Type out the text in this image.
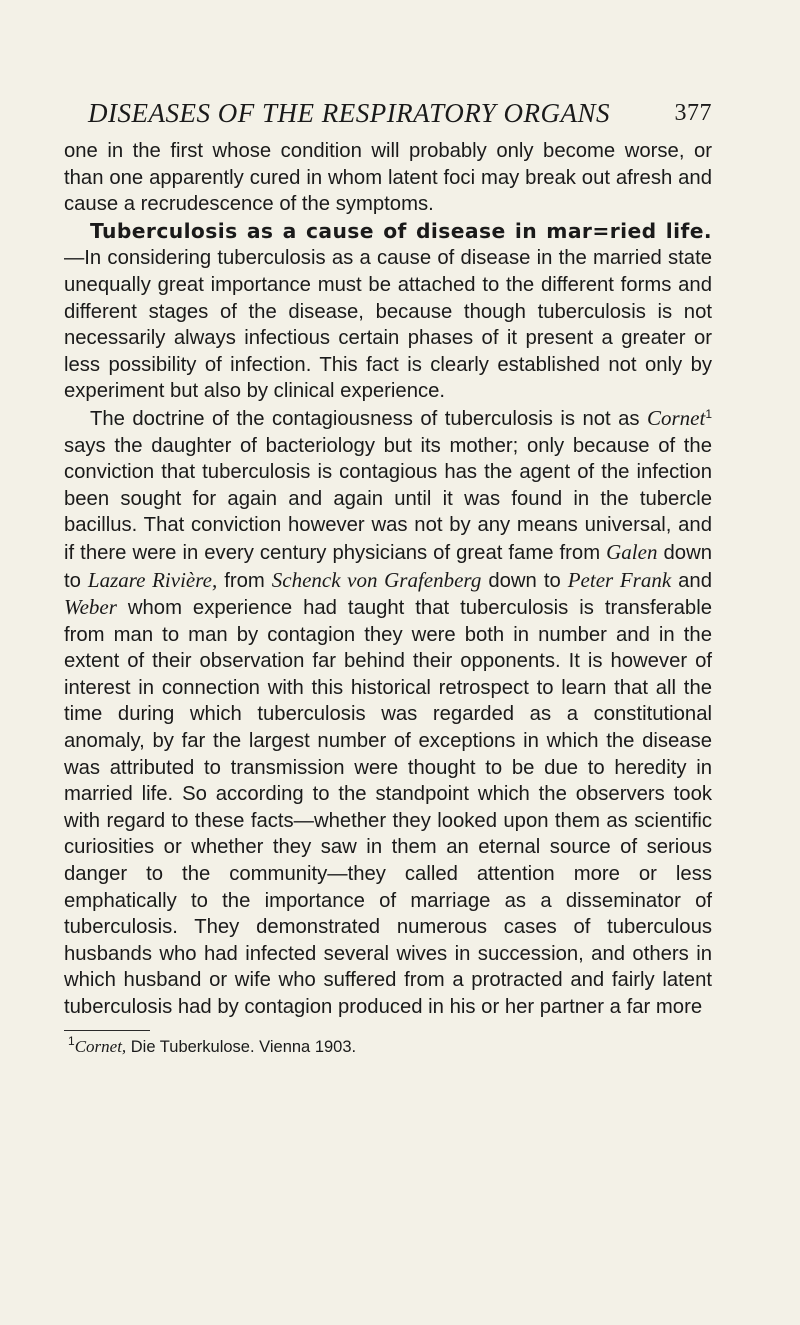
DISEASES OF THE RESPIRATORY ORGANS	377

one in the first whose condition will probably only become worse, or than one apparently cured in whom latent foci may break out afresh and cause a recrudescence of the symptoms.

Tuberculosis as a cause of disease in mar=ried life.—In considering tuberculosis as a cause of disease in the married state unequally great importance must be attached to the different forms and different stages of the disease, because though tuberculosis is not necessarily always infectious certain phases of it present a greater or less possibility of infection. This fact is clearly established not only by experiment but also by clinical experience.

The doctrine of the contagiousness of tuberculosis is not as Cornet$^1$ says the daughter of bacteriology but its mother; only because of the conviction that tuberculosis is contagious has the agent of the infection been sought for again and again until it was found in the tubercle bacillus. That conviction however was not by any means universal, and if there were in every century physicians of great fame from Galen down to Lazare Rivière, from Schenck von Grafenberg down to Peter Frank and Weber whom experience had taught that tuberculosis is transferable from man to man by contagion they were both in number and in the extent of their observation far behind their opponents. It is however of interest in connection with this historical retrospect to learn that all the time during which tuberculosis was regarded as a constitutional anomaly, by far the largest number of exceptions in which the disease was attributed to transmission were thought to be due to heredity in married life. So according to the standpoint which the observers took with regard to these facts—whether they looked upon them as scientific curiosities or whether they saw in them an eternal source of serious danger to the community—they called attention more or less emphatically to the importance of marriage as a disseminator of tuberculosis. They demonstrated numerous cases of tuberculous husbands who had infected several wives in succession, and others in which husband or wife who suffered from a protracted and fairly latent tuberculosis had by contagion produced in his or her partner a far more

$^1$Cornet, Die Tuberkulose. Vienna 1903.
